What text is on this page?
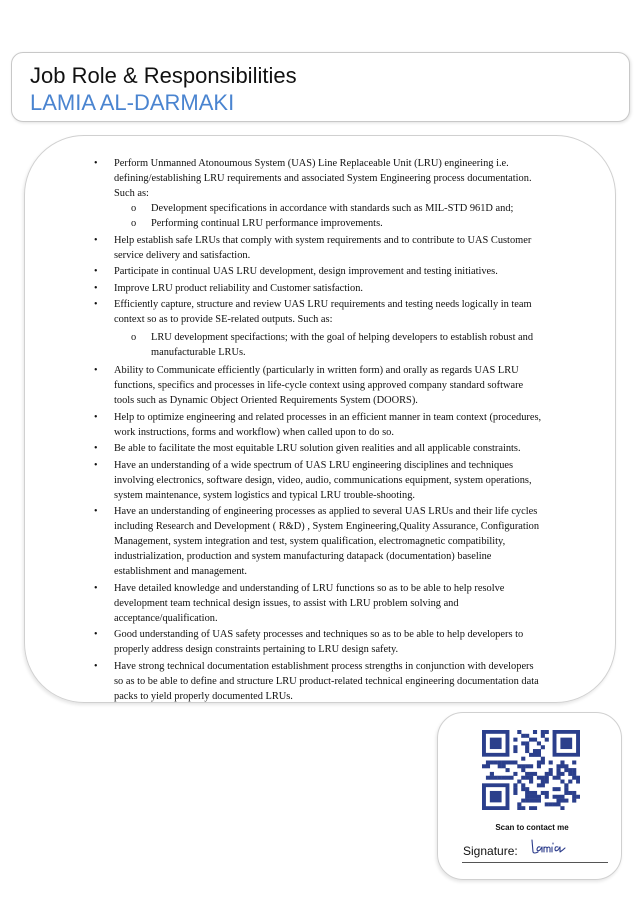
Job Role & Responsibilities
LAMIA AL-DARMAKI
• Perform Unmanned Atonoumous System (UAS) Line Replaceable Unit (LRU) engineering i.e. defining/establishing LRU requirements and associated System Engineering process documentation. Such as:
o Development specifications in accordance with standards such as MIL-STD 961D and;
o Performing continual LRU performance improvements.
• Help establish safe LRUs that comply with system requirements and to contribute to UAS Customer service delivery and satisfaction.
• Participate in continual UAS LRU development, design improvement and testing initiatives.
• Improve LRU product reliability and Customer satisfaction.
• Efficiently capture, structure and review UAS LRU requirements and testing needs logically in team context so as to provide SE-related outputs. Such as:
o LRU development specifactions; with the goal of helping developers to establish robust and manufacturable LRUs.
• Ability to Communicate efficiently (particularly in written form) and orally as regards UAS LRU functions, specifics and processes in life-cycle context using approved company standard software tools such as Dynamic Object Oriented Requirements System (DOORS).
• Help to optimize engineering and related processes in an efficient manner in team context (procedures, work instructions, forms and workflow) when called upon to do so.
• Be able to facilitate the most equitable LRU solution given realities and all applicable constraints.
• Have an understanding of a wide spectrum of UAS LRU engineering disciplines and techniques involving electronics, software design, video, audio, communications equipment, system operations, system maintenance, system logistics and typical LRU trouble-shooting.
• Have an understanding of engineering processes as applied to several UAS LRUs and their life cycles including Research and Development ( R&D) , System Engineering,Quality Assurance, Configuration Management, system integration and test, system qualification, electromagnetic compatibility, industrialization, production and system manufacturing datapack (documentation) baseline establishment and management.
• Have detailed knowledge and understanding of LRU functions so as to be able to help resolve development team technical design issues, to assist with LRU problem solving and acceptance/qualification.
• Good understanding of UAS safety processes and techniques so as to be able to help developers to properly address design constraints pertaining to LRU design safety.
• Have strong technical documentation establishment process strengths in conjunction with developers so as to be able to define and structure LRU product-related technical engineering documentation data packs to yield properly documented LRUs.
Scan to contact me
Signature:
